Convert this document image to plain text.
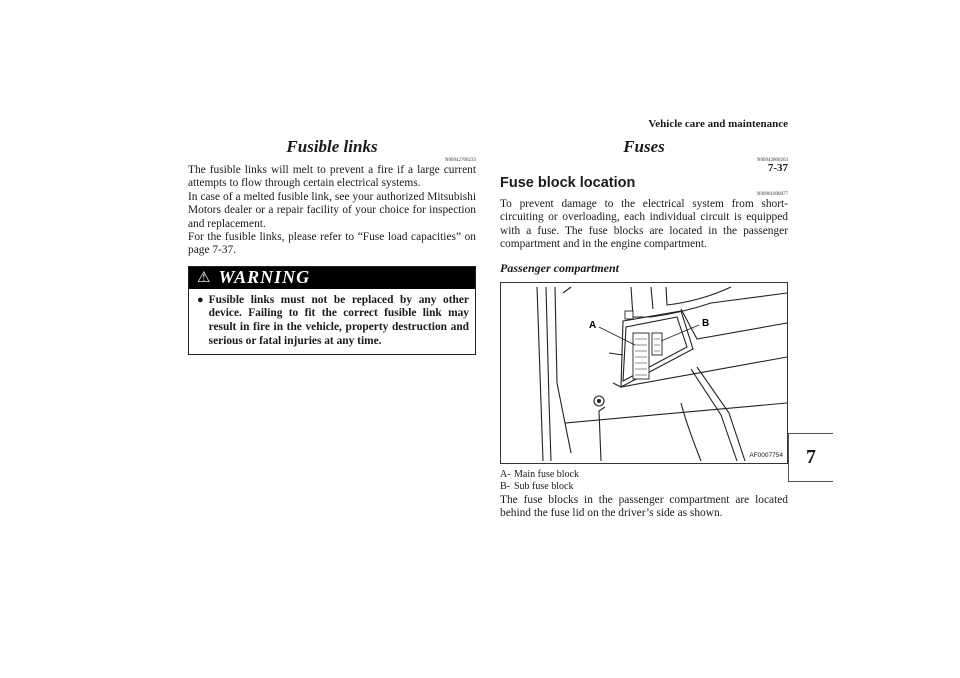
Vehicle care and maintenance
7-37
7
Fusible links
N00942700233

The fusible links will melt to prevent a fire if a large current attempts to flow through certain electrical systems.

In case of a melted fusible link, see your authorized Mitsubishi Motors dealer or a repair facility of your choice for inspection and replacement.

For the fusible links, please refer to “Fuse load capacities” on page 7-37.

⚠ WARNING
● Fusible links must not be replaced by any other device. Failing to fit the correct fusible link may result in fire in the vehicle, property destruction and serious or fatal injuries at any time.
Fuses
N00942800263
Fuse block location
N00901000077

To prevent damage to the electrical system from short-circuiting or overloading, each individual circuit is equipped with a fuse. The fuse blocks are located in the passenger compartment and in the engine compartment.

Passenger compartment
A	B
AF0007754
A- Main fuse block
B- Sub fuse block

The fuse blocks in the passenger compartment are located behind the fuse lid on the driver’s side as shown.
